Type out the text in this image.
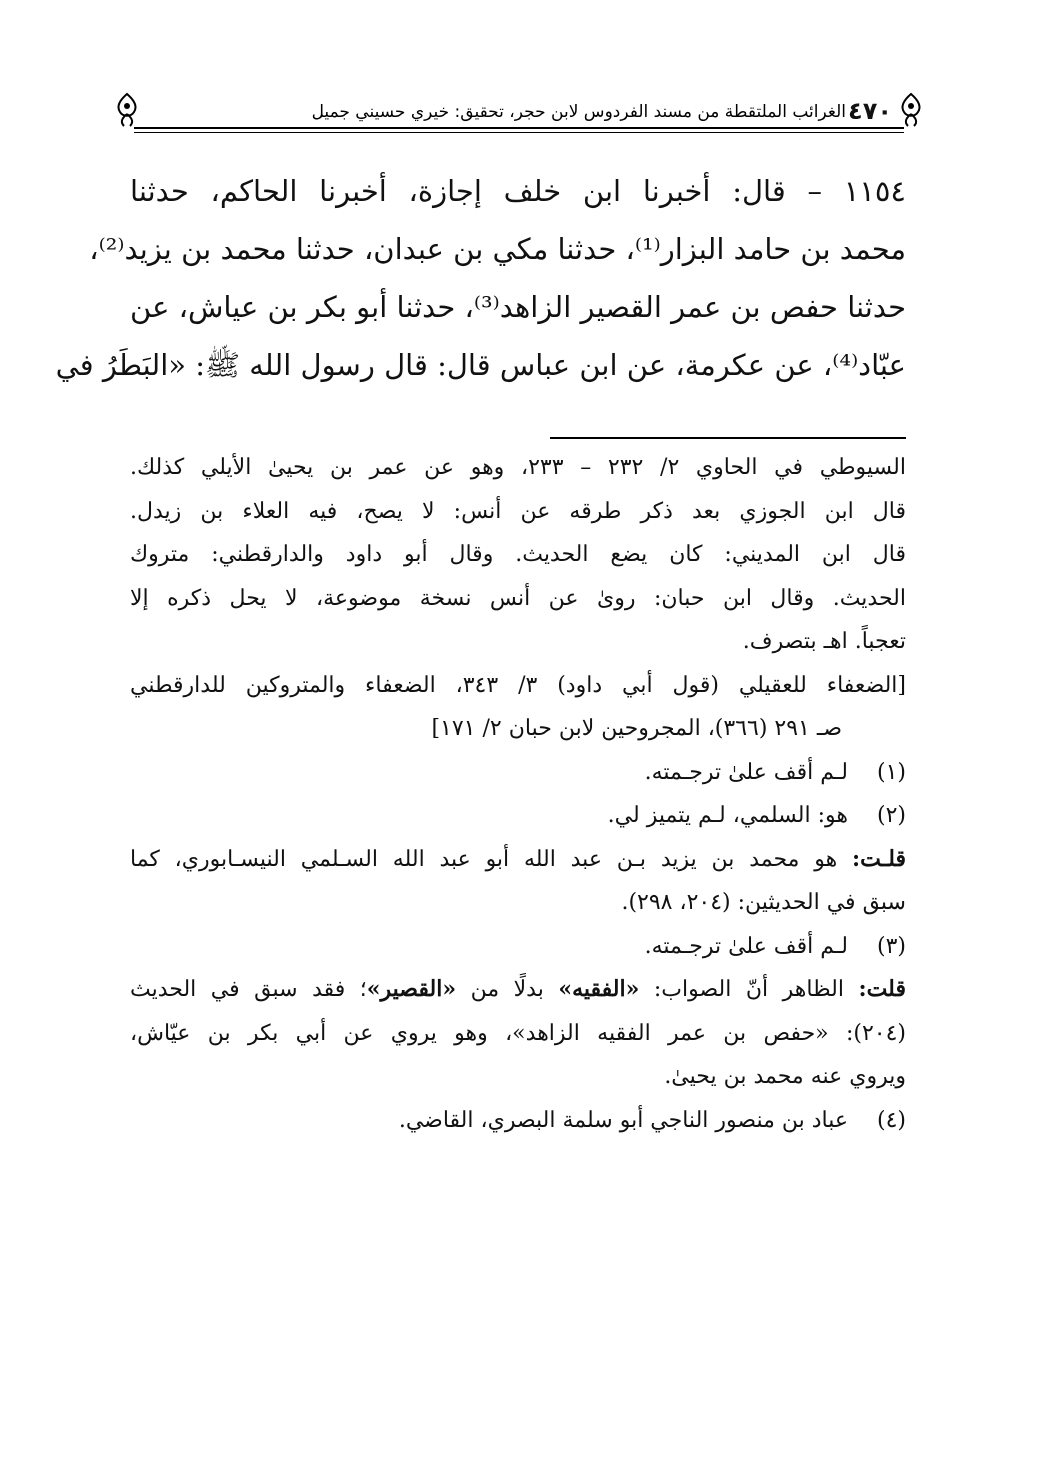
٤٧٠
الغرائب الملتقطة من مسند الفردوس لابن حجر، تحقيق: خيري حسيني جميل
١١٥٤ – قال: أخبرنا ابن خلف إجازة، أخبرنا الحاكم، حدثنا
محمد بن حامد البزار⁽¹⁾، حدثنا مكي بن عبدان، حدثنا محمد بن يزيد⁽²⁾،
حدثنا حفص بن عمر القصير الزاهد⁽³⁾، حدثنا أبو بكر بن عياش، عن
عبّاد⁽⁴⁾، عن عكرمة، عن ابن عباس قال: قال رسول الله ﷺ: «البَطَرُ في
السيوطي في الحاوي ٢/ ٢٣٢ – ٢٣٣، وهو عن عمر بن يحيىٰ الأيلي كذلك.
قال ابن الجوزي بعد ذكر طرقه عن أنس: لا يصح، فيه العلاء بن زيدل.
قال ابن المديني: كان يضع الحديث. وقال أبو داود والدارقطني: متروك
الحديث. وقال ابن حبان: روىٰ عن أنس نسخة موضوعة، لا يحل ذكره إلا
تعجباً. اهـ بتصرف.
[الضعفاء للعقيلي (قول أبي داود) ٣/ ٣٤٣، الضعفاء والمتروكين للدارقطني
صـ ٢٩١ (٣٦٦)، المجروحين لابن حبان ٢/ ١٧١]
(١)لـم أقف علىٰ ترجـمته.
(٢)هو: السلمي، لـم يتميز لي.
قلـت: هو محمد بن يزيد بـن عبد الله أبو عبد الله السـلمي النيسـابوري، كما
سبق في الحديثين: (٢٠٤، ٢٩٨).
(٣)لـم أقف علىٰ ترجـمته.
قلت: الظاهر أنّ الصواب: «الفقيه» بدلًا من «القصير»؛ فقد سبق في الحديث
(٢٠٤): «حفص بن عمر الفقيه الزاهد»، وهو يروي عن أبي بكر بن عيّاش،
ويروي عنه محمد بن يحيىٰ.
(٤)عباد بن منصور الناجي أبو سلمة البصري، القاضي.
